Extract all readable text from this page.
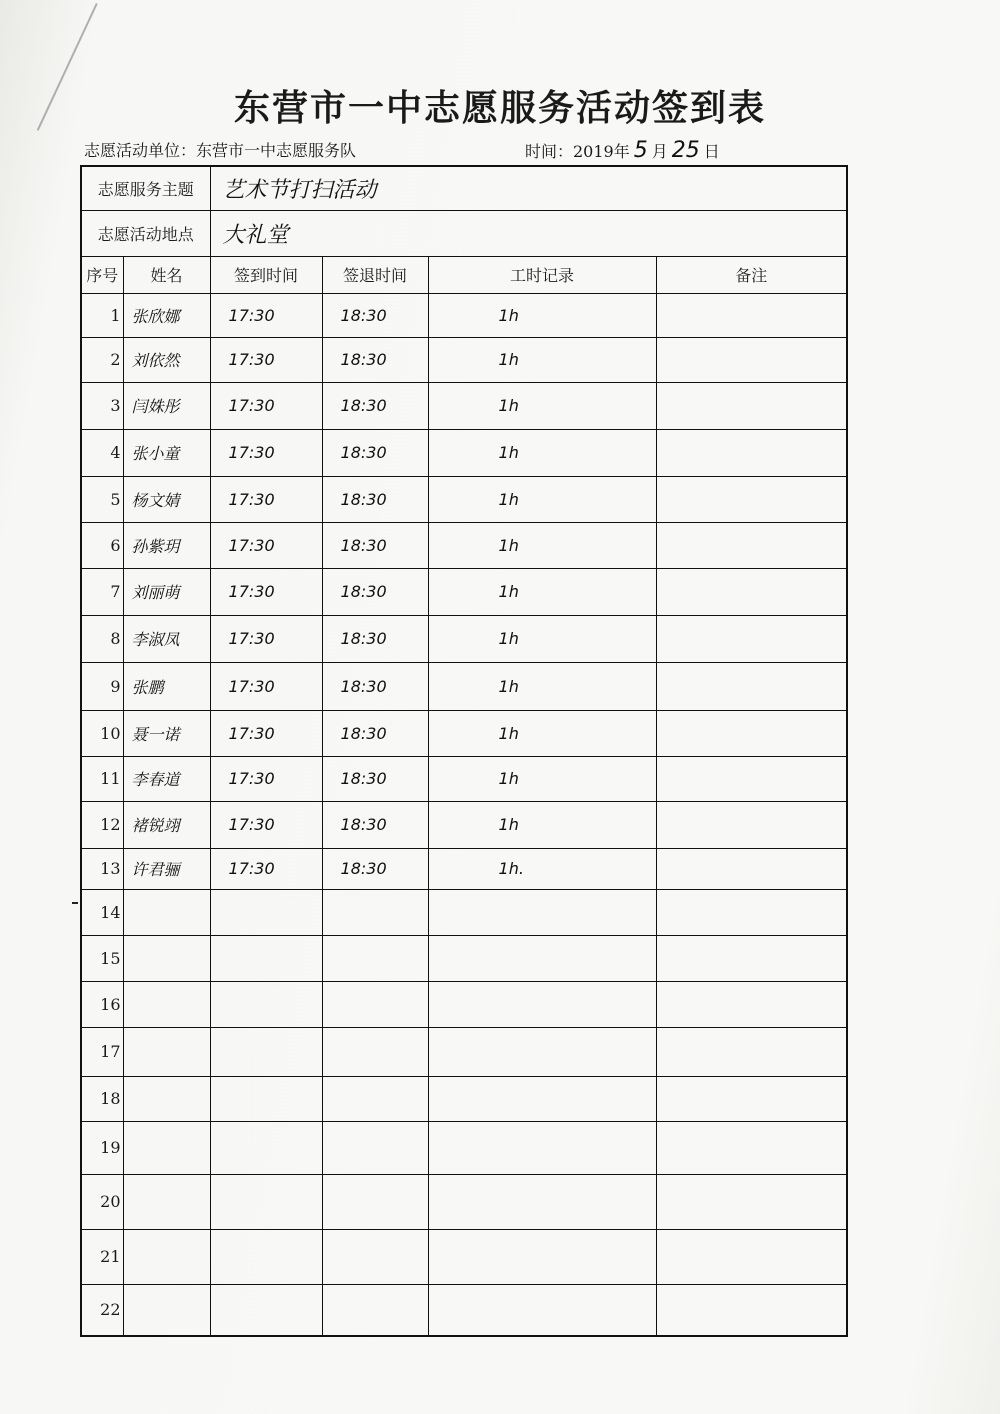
东营市一中志愿服务活动签到表
志愿活动单位：东营市一中志愿服务队	时间：2019年 5 月 25 日
志愿服务主题		艺术节打扫活动			
志愿活动地点		大礼堂			
序号	姓名	签到时间	签退时间	工时记录	备注
1	张欣娜	17:30	18:30	1h	
2	刘依然	17:30	18:30	1h	
3	闫姝彤	17:30	18:30	1h	
4	张小童	17:30	18:30	1h	
5	杨文婧	17:30	18:30	1h	
6	孙紫玥	17:30	18:30	1h	
7	刘丽萌	17:30	18:30	1h	
8	李淑凤	17:30	18:30	1h	
9	张鹏	17:30	18:30	1h	
10	聂一诺	17:30	18:30	1h	
11	李春道	17:30	18:30	1h	
12	褚锐翊	17:30	18:30	1h	
13	许君骊	17:30	18:30	1h.	
14					
15					
16					
17					
18					
19					
20					
21					
22					
